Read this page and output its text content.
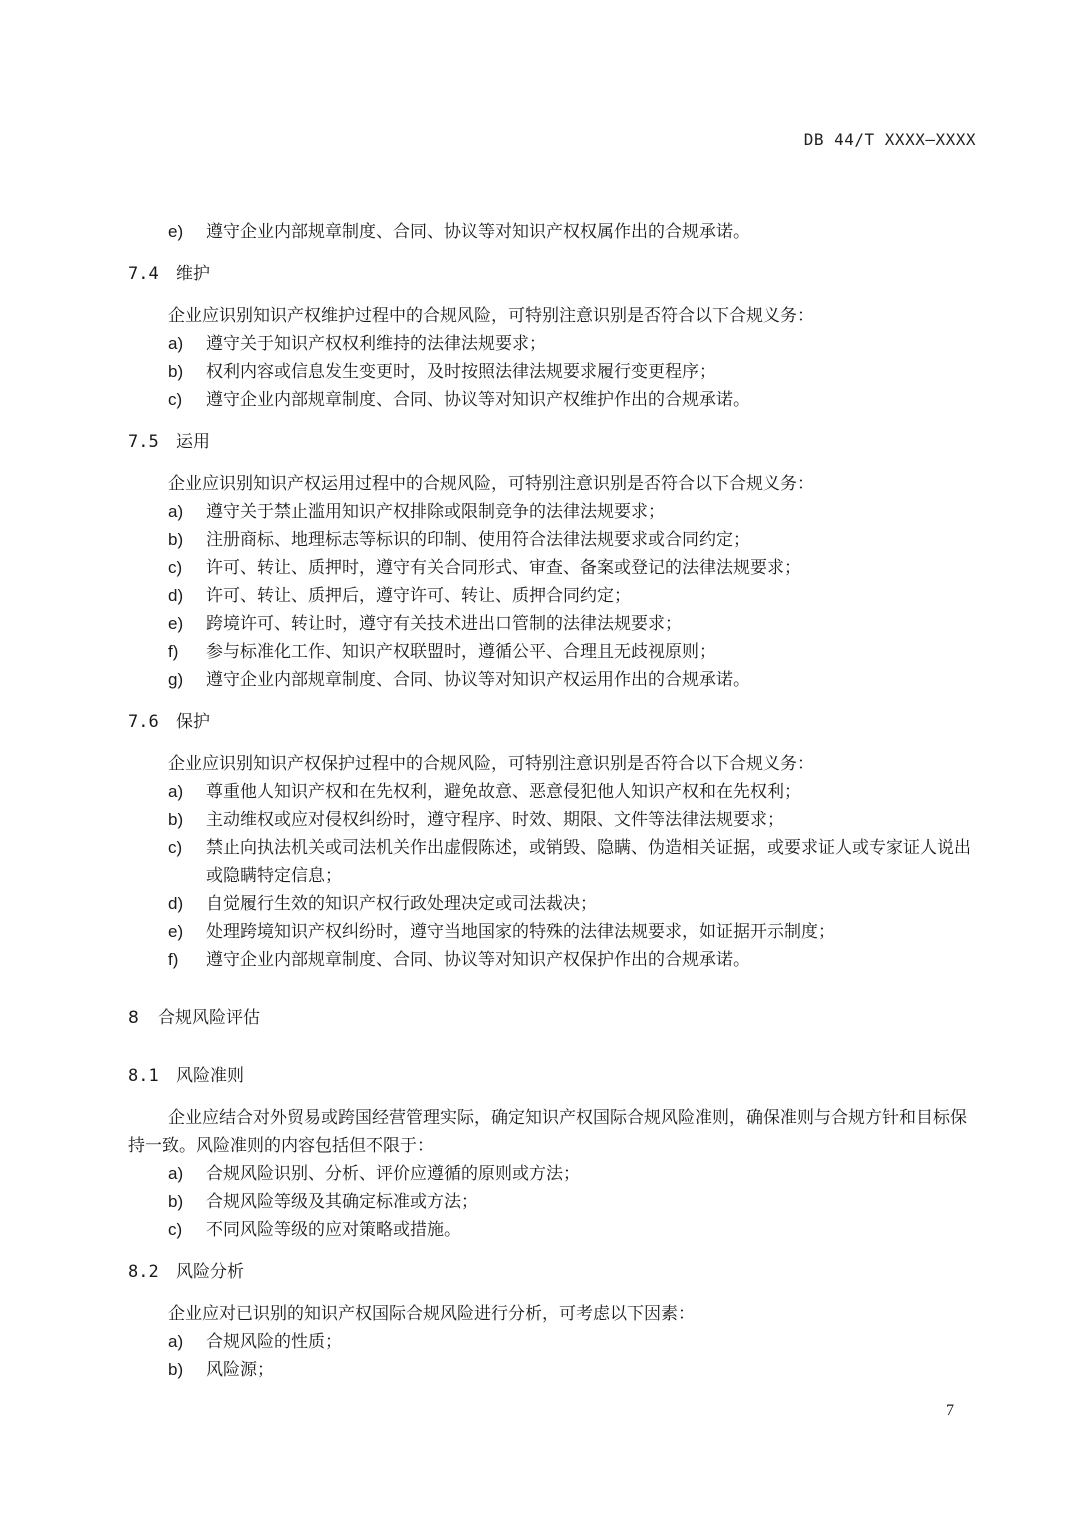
DB 44/T XXXX—XXXX
e)	遵守企业内部规章制度、合同、协议等对知识产权权属作出的合规承诺。
7.4	维护
企业应识别知识产权维护过程中的合规风险，可特别注意识别是否符合以下合规义务：
a)	遵守关于知识产权权利维持的法律法规要求；
b)	权利内容或信息发生变更时，及时按照法律法规要求履行变更程序；
c)	遵守企业内部规章制度、合同、协议等对知识产权维护作出的合规承诺。
7.5	运用
企业应识别知识产权运用过程中的合规风险，可特别注意识别是否符合以下合规义务：
a)	遵守关于禁止滥用知识产权排除或限制竞争的法律法规要求；
b)	注册商标、地理标志等标识的印制、使用符合法律法规要求或合同约定；
c)	许可、转让、质押时，遵守有关合同形式、审查、备案或登记的法律法规要求；
d)	许可、转让、质押后，遵守许可、转让、质押合同约定；
e)	跨境许可、转让时，遵守有关技术进出口管制的法律法规要求；
f)	参与标准化工作、知识产权联盟时，遵循公平、合理且无歧视原则；
g)	遵守企业内部规章制度、合同、协议等对知识产权运用作出的合规承诺。
7.6	保护
企业应识别知识产权保护过程中的合规风险，可特别注意识别是否符合以下合规义务：
a)	尊重他人知识产权和在先权利，避免故意、恶意侵犯他人知识产权和在先权利；
b)	主动维权或应对侵权纠纷时，遵守程序、时效、期限、文件等法律法规要求；
c)	禁止向执法机关或司法机关作出虚假陈述，或销毁、隐瞒、伪造相关证据，或要求证人或专家证人说出或隐瞒特定信息；
d)	自觉履行生效的知识产权行政处理决定或司法裁决；
e)	处理跨境知识产权纠纷时，遵守当地国家的特殊的法律法规要求，如证据开示制度；
f)	遵守企业内部规章制度、合同、协议等对知识产权保护作出的合规承诺。
8	合规风险评估
8.1	风险准则
企业应结合对外贸易或跨国经营管理实际，确定知识产权国际合规风险准则，确保准则与合规方针和目标保持一致。风险准则的内容包括但不限于：
a)	合规风险识别、分析、评价应遵循的原则或方法；
b)	合规风险等级及其确定标准或方法；
c)	不同风险等级的应对策略或措施。
8.2	风险分析
企业应对已识别的知识产权国际合规风险进行分析，可考虑以下因素：
a)	合规风险的性质；
b)	风险源；
7
